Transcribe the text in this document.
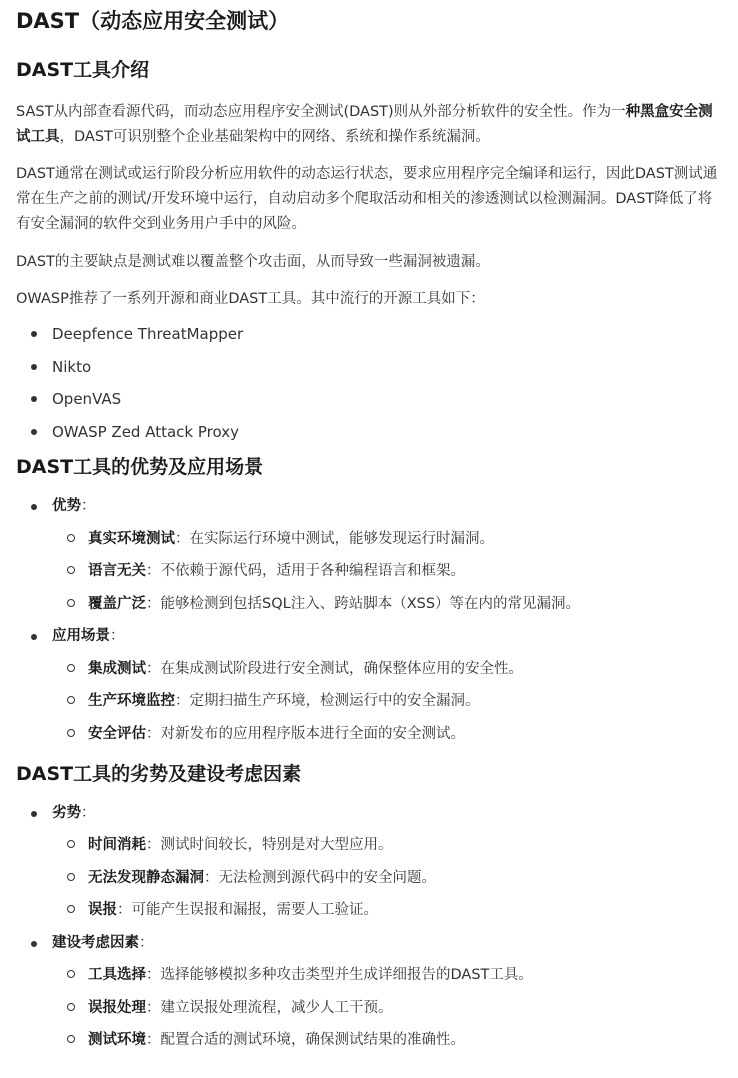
DAST（动态应用安全测试）
DAST工具介绍

SAST从内部查看源代码，而动态应用程序安全测试(DAST)则从外部分析软件的安全性。作为一种黑盒安全测试工具，DAST可识别整个企业基础架构中的网络、系统和操作系统漏洞。

DAST通常在测试或运行阶段分析应用软件的动态运行状态，要求应用程序完全编译和运行，因此DAST测试通常在生产之前的测试/开发环境中运行，自动启动多个爬取活动和相关的渗透测试以检测漏洞。DAST降低了将有安全漏洞的软件交到业务用户手中的风险。

DAST的主要缺点是测试难以覆盖整个攻击面，从而导致一些漏洞被遗漏。

OWASP推荐了一系列开源和商业DAST工具。其中流行的开源工具如下：

Deepfence ThreatMapper
Nikto
OpenVAS
OWASP Zed Attack Proxy
DAST工具的优势及应用场景
优势：
真实环境测试：在实际运行环境中测试，能够发现运行时漏洞。
语言无关：不依赖于源代码，适用于各种编程语言和框架。
覆盖广泛：能够检测到包括SQL注入、跨站脚本（XSS）等在内的常见漏洞。
应用场景：
集成测试：在集成测试阶段进行安全测试，确保整体应用的安全性。
生产环境监控：定期扫描生产环境，检测运行中的安全漏洞。
安全评估：对新发布的应用程序版本进行全面的安全测试。
DAST工具的劣势及建设考虑因素
劣势：
时间消耗：测试时间较长，特别是对大型应用。
无法发现静态漏洞：无法检测到源代码中的安全问题。
误报：可能产生误报和漏报，需要人工验证。
建设考虑因素：
工具选择：选择能够模拟多种攻击类型并生成详细报告的DAST工具。
误报处理：建立误报处理流程，减少人工干预。
测试环境：配置合适的测试环境，确保测试结果的准确性。
